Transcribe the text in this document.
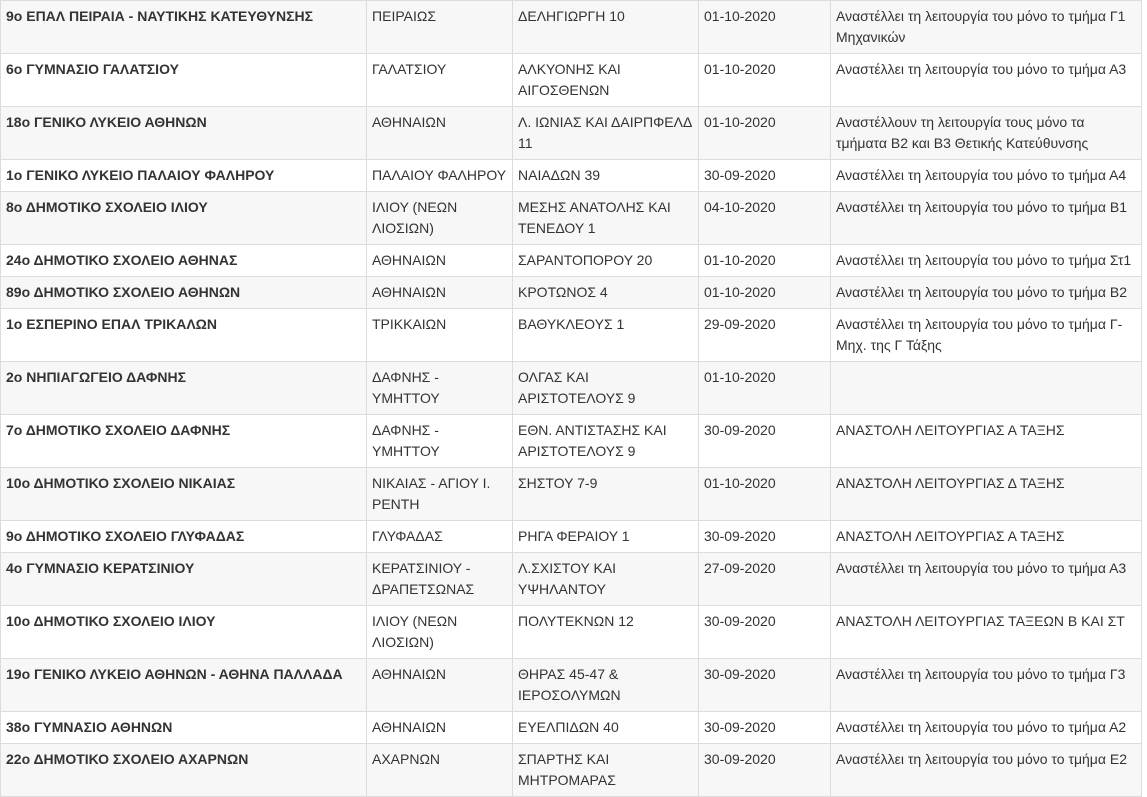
9ο ΕΠΑΛ ΠΕΙΡΑΙΑ - ΝΑΥΤΙΚΗΣ ΚΑΤΕΥΘΥΝΣΗΣ	ΠΕΙΡΑΙΩΣ	ΔΕΛΗΓΙΩΡΓΗ 10	01-10-2020	Αναστέλλει τη λειτουργία του μόνο το τμήμα Γ1 Μηχανικών
6ο ΓΥΜΝΑΣΙΟ ΓΑΛΑΤΣΙΟΥ	ΓΑΛΑΤΣΙΟΥ	ΑΛΚΥΟΝΗΣ ΚΑΙ ΑΙΓΟΣΘΕΝΩΝ	01-10-2020	Αναστέλλει τη λειτουργία του μόνο το τμήμα Α3
18ο ΓΕΝΙΚΟ ΛΥΚΕΙΟ ΑΘΗΝΩΝ	ΑΘΗΝΑΙΩΝ	Λ. ΙΩΝΙΑΣ ΚΑΙ ΔΑΙΡΠΦΕΛΔ 11	01-10-2020	Αναστέλλουν τη λειτουργία τους μόνο τα τμήματα Β2 και Β3 Θετικής Κατεύθυνσης
1ο ΓΕΝΙΚΟ ΛΥΚΕΙΟ ΠΑΛΑΙΟΥ ΦΑΛΗΡΟΥ	ΠΑΛΑΙΟΥ ΦΑΛΗΡΟΥ	ΝΑΙΑΔΩΝ 39	30-09-2020	Αναστέλλει τη λειτουργία του μόνο το τμήμα Α4
8ο ΔΗΜΟΤΙΚΟ ΣΧΟΛΕΙΟ ΙΛΙΟΥ	ΙΛΙΟΥ (ΝΕΩΝ ΛΙΟΣΙΩΝ)	ΜΕΣΗΣ ΑΝΑΤΟΛΗΣ ΚΑΙ ΤΕΝΕΔΟΥ 1	04-10-2020	Αναστέλλει τη λειτουργία του μόνο το τμήμα Β1
24ο ΔΗΜΟΤΙΚΟ ΣΧΟΛΕΙΟ ΑΘΗΝΑΣ	ΑΘΗΝΑΙΩΝ	ΣΑΡΑΝΤΟΠΟΡΟΥ 20	01-10-2020	Αναστέλλει τη λειτουργία του μόνο το τμήμα Στ1
89ο ΔΗΜΟΤΙΚΟ ΣΧΟΛΕΙΟ ΑΘΗΝΩΝ	ΑΘΗΝΑΙΩΝ	ΚΡΟΤΩΝΟΣ 4	01-10-2020	Αναστέλλει τη λειτουργία του μόνο το τμήμα Β2
1ο ΕΣΠΕΡΙΝΟ ΕΠΑΛ ΤΡΙΚΑΛΩΝ	ΤΡΙΚΚΑΙΩΝ	ΒΑΘΥΚΛΕΟΥΣ 1	29-09-2020	Αναστέλλει τη λειτουργία του μόνο το τμήμα Γ-Μηχ. της Γ Τάξης
2ο ΝΗΠΙΑΓΩΓΕΙΟ ΔΑΦΝΗΣ	ΔΑΦΝΗΣ - ΥΜΗΤΤΟΥ	ΟΛΓΑΣ ΚΑΙ ΑΡΙΣΤΟΤΕΛΟΥΣ 9	01-10-2020	
7ο ΔΗΜΟΤΙΚΟ ΣΧΟΛΕΙΟ ΔΑΦΝΗΣ	ΔΑΦΝΗΣ - ΥΜΗΤΤΟΥ	ΕΘΝ. ΑΝΤΙΣΤΑΣΗΣ ΚΑΙ ΑΡΙΣΤΟΤΕΛΟΥΣ 9	30-09-2020	ΑΝΑΣΤΟΛΗ ΛΕΙΤΟΥΡΓΙΑΣ Α ΤΑΞΗΣ
10ο ΔΗΜΟΤΙΚΟ ΣΧΟΛΕΙΟ ΝΙΚΑΙΑΣ	ΝΙΚΑΙΑΣ - ΑΓΙΟΥ Ι. ΡΕΝΤΗ	ΣΗΣΤΟΥ 7-9	01-10-2020	ΑΝΑΣΤΟΛΗ ΛΕΙΤΟΥΡΓΙΑΣ Δ ΤΑΞΗΣ
9ο ΔΗΜΟΤΙΚΟ ΣΧΟΛΕΙΟ ΓΛΥΦΑΔΑΣ	ΓΛΥΦΑΔΑΣ	ΡΗΓΑ ΦΕΡΑΙΟΥ 1	30-09-2020	ΑΝΑΣΤΟΛΗ ΛΕΙΤΟΥΡΓΙΑΣ Α ΤΑΞΗΣ
4ο ΓΥΜΝΑΣΙΟ ΚΕΡΑΤΣΙΝΙΟΥ	ΚΕΡΑΤΣΙΝΙΟΥ - ΔΡΑΠΕΤΣΩΝΑΣ	Λ.ΣΧΙΣΤΟΥ ΚΑΙ ΥΨΗΛΑΝΤΟΥ	27-09-2020	Αναστέλλει τη λειτουργία του μόνο το τμήμα Α3
10ο ΔΗΜΟΤΙΚΟ ΣΧΟΛΕΙΟ ΙΛΙΟΥ	ΙΛΙΟΥ (ΝΕΩΝ ΛΙΟΣΙΩΝ)	ΠΟΛΥΤΕΚΝΩΝ 12	30-09-2020	ΑΝΑΣΤΟΛΗ ΛΕΙΤΟΥΡΓΙΑΣ ΤΑΞΕΩΝ Β ΚΑΙ ΣΤ
19ο ΓΕΝΙΚΟ ΛΥΚΕΙΟ ΑΘΗΝΩΝ - ΑΘΗΝΑ ΠΑΛΛΑΔΑ	ΑΘΗΝΑΙΩΝ	ΘΗΡΑΣ 45-47 & ΙΕΡΟΣΟΛΥΜΩΝ	30-09-2020	Αναστέλλει τη λειτουργία του μόνο το τμήμα Γ3
38ο ΓΥΜΝΑΣΙΟ ΑΘΗΝΩΝ	ΑΘΗΝΑΙΩΝ	ΕΥΕΛΠΙΔΩΝ 40	30-09-2020	Αναστέλλει τη λειτουργία του μόνο το τμήμα Α2
22ο ΔΗΜΟΤΙΚΟ ΣΧΟΛΕΙΟ ΑΧΑΡΝΩΝ	ΑΧΑΡΝΩΝ	ΣΠΑΡΤΗΣ ΚΑΙ ΜΗΤΡΟΜΑΡΑΣ	30-09-2020	Αναστέλλει τη λειτουργία του μόνο το τμήμα Ε2
